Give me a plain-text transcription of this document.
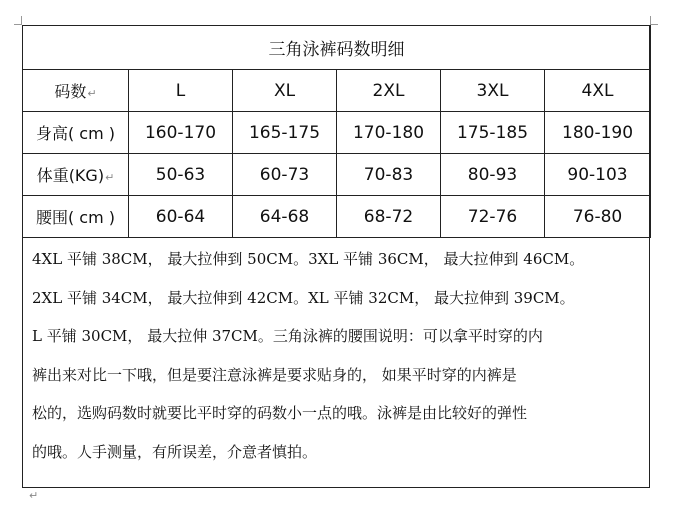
三角泳裤码数明细					
码数↵	L	XL	2XL	3XL	4XL
身高( cm )	160-170	165-175	170-180	175-185	180-190
体重(KG)↵	50-63	60-73	70-83	80-93	90-103
腰围( cm )	60-64	64-68	68-72	72-76	76-80
4XL 平铺 38CM， 最大拉伸到 50CM。3XL 平铺 36CM， 最大拉伸到 46CM。
2XL 平铺 34CM， 最大拉伸到 42CM。XL 平铺 32CM， 最大拉伸到 39CM。
L 平铺 30CM， 最大拉伸 37CM。三角泳裤的腰围说明：可以拿平时穿的内
裤出来对比一下哦，但是要注意泳裤是要求贴身的， 如果平时穿的内裤是
松的，选购码数时就要比平时穿的码数小一点的哦。泳裤是由比较好的弹性
的哦。人手测量，有所误差，介意者慎拍。
↵
